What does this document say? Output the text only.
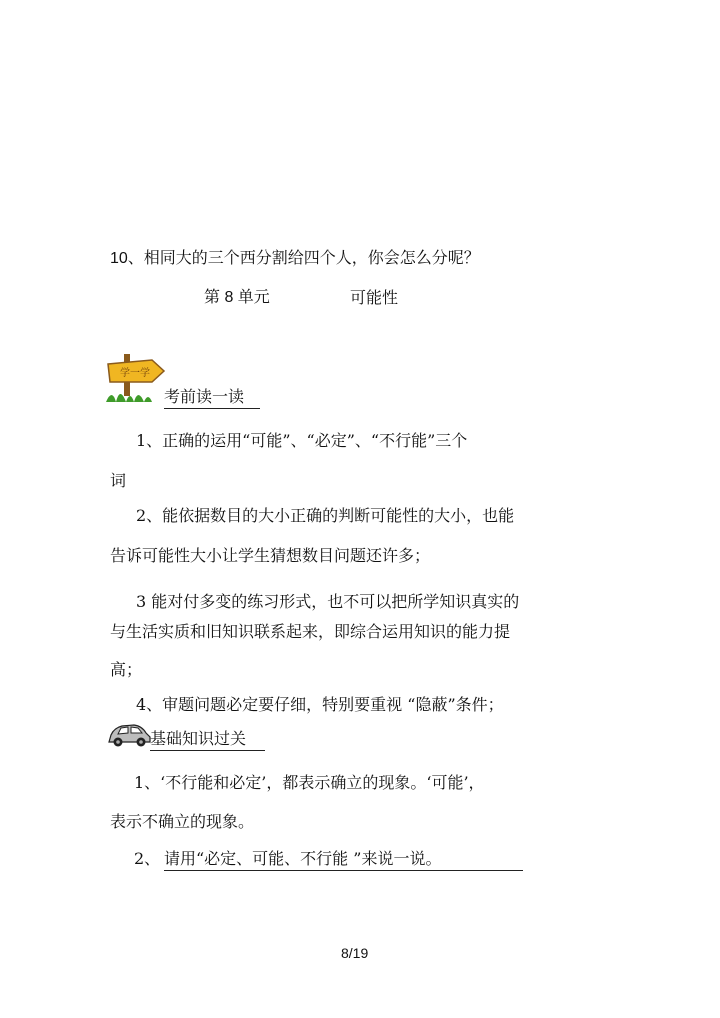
10、相同大的三个西分割给四个人，你会怎么分呢？
第 8 单元	可能性
学一学
考前读一读
1、正确的运用“可能”、“必定”、“不行能”三个
词
2、能依据数目的大小正确的判断可能性的大小，也能
告诉可能性大小让学生猜想数目问题还许多；
3 能对付多变的练习形式，也不可以把所学知识真实的
与生活实质和旧知识联系起来，即综合运用知识的能力提
高；
4、审题问题必定要仔细，特别要重视 “隐蔽”条件；
基础知识过关
1、‘不行能和必定’，都表示确立的现象。‘可能’，
表示不确立的现象。
2、 请用“必定、可能、不行能 ”来说一说。
8/19
